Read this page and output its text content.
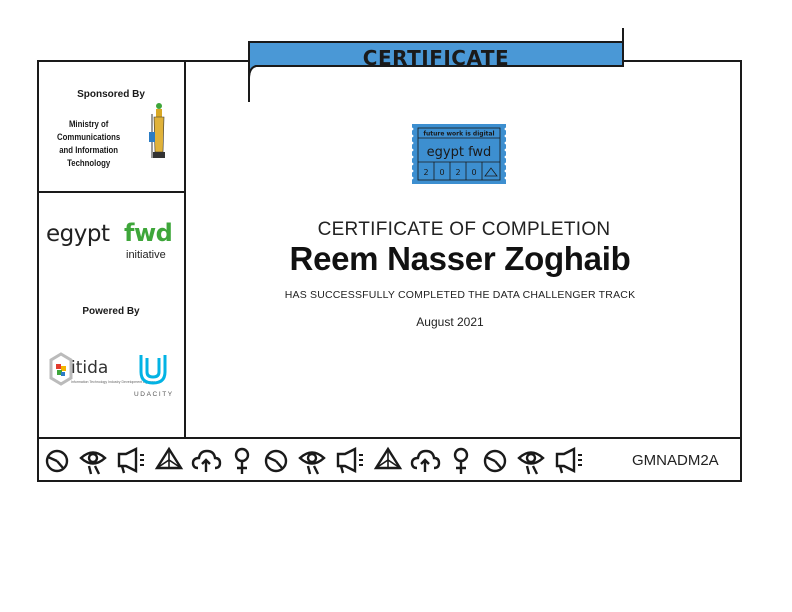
CERTIFICATE
Sponsored By
Ministry of Communications
and Information Technology
egypt fwd
initiative
Powered By
itida
Information Technology Industry Development Agency
UDACITY
future work is digital
egypt fwd
2 0 2 0
CERTIFICATE OF COMPLETION
Reem Nasser Zoghaib
HAS SUCCESSFULLY COMPLETED THE DATA CHALLENGER TRACK
August 2021
GMNADM2A
